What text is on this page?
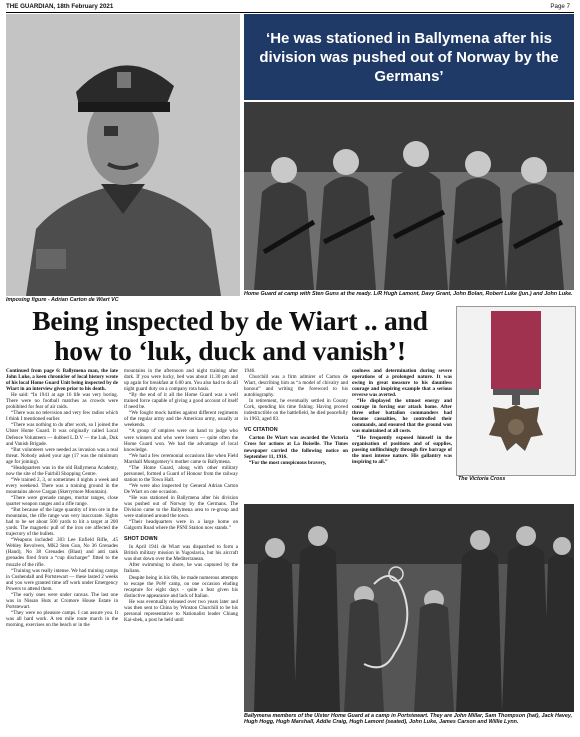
THE GUARDIAN, 18th February 2021	Page 7
Imposing figure - Adrian Carton de Wiart VC
‘He was stationed in Ballymena after his division was pushed out of Norway by the Germans’
Home Guard at camp with Sten Guns at the ready. L/R Hugh Lamont, Davy Grant, John Bolan, Robert Luke (jun.) and John Luke.
Being inspected by de Wiart .. and how to ‘luk, duck and vanish’!
The Victoria Cross
Ballymena members of the Ulster Home Guard at a camp in Portstewart. They are John Millar, Sam Thompson (hat), Jack Havey, Hugh Hogg, Hugh Marshall, Addie Craig, Hugh Lamont (seated), John Luke, James Carson and Willie Lynn.

Continued from page 6: Ballymena man, the late John Luke, a keen chronicler of local history wrote of his local Home Guard Unit being inspected by de Wiart in an interview given prior to his death.

He said: “In 1941 at age 16 life was very boring. There were no football matches as crowds were prohibited for fear of air raids.

“There was no television and very few radios which I think I mentioned earlier.

“There was nothing to do after work, so I joined the Ulster Home Guard. It was originally called Local Defence Volunteers — dubbed L.D.V — the Luk, Duk and Vanish Brigade.

“But volunteers were needed as invasion was a real threat. Nobody asked your age (17 was the minimum age for joining).

“Headquarters was in the old Ballymena Academy, now the site of the Fairhill Shopping Centre.

“We trained 2, 3, or sometimes 4 nights a week and every weekend. There was a training ground in the mountains above Cargan (Skerrymore Mountain).

“There were grenade ranges, mortar ranges, close quarter weapon ranges and a rifle range.

“But because of the large quantity of iron ore in the mountains, the rifle range was very inaccurate. Sights had to be set about 500 yards to hit a target at 200 yards. The magnetic pull of the iron ore affected the trajectory of the bullets.

“Weapons included .303 Lee Enfield Rifle, .45 Webley Revolvers, MK2 Sten Gun, No 36 Grenades (Hand), No 38 Grenades (Blast) and anti tank grenades fired from a “cup discharger” fitted to the muzzle of the rifle.

“Training was really intense. We had training camps in Cushendall and Portstewart — these lasted 2 weeks and you were granted time off work under Emergency Powers to attend them.

“The early ones were under canvas. The last one was in Nissan Huts at Cromore House Estate in Portstewart.

“They were no pleasure camps. I can assure you. It was all hard work. A ten mile route march in the morning, exercises on the beach or in the

mountains in the afternoon and night training after dark. If you were lucky, bed was about 11.30 pm and up again for breakfast at 6.00 am. You also had to do all night guard duty on a company rota basis.

“By the end of it all the Home Guard was a well trained force capable of giving a good account of itself if need be.

“We fought mock battles against different regiments of the regular army and the American army, usually at weekends.

“A group of umpires were on hand to judge who were winners and who were losers — quite often the Home Guard won. We had the advantage of local knowledge.

“We had a few ceremonial occasions like when Field Marshall Montgomery’s mother came to Ballymena.

“The Home Guard, along with other military personnel, formed a Guard of Honour from the railway station to the Town Hall.

“We were also inspected by General Adrian Carton De Wiart on one occasion.

“He was stationed in Ballymena after his division was pushed out of Norway by the Germans. The Division came to the Ballymena area to re-group and were stationed around the town.

“Their headquarters were in a large home on Galgorm Road where the PSNI Station now stands.”

SHOT DOWN

In April 1941 de Wiart was dispatched to form a British military mission in Yugoslavia, but his aircraft was shot down over the Mediterranean.

After swimming to shore, he was captured by the Italians.

Despite being in his 60s, he made numerous attempts to escape the PoW camp, on one occasion eluding recapture for eight days - quite a feat given his distinctive appearance and lack of Italian.

He was eventually released over two years later and was then sent to China by Winston Churchill to be his personal representative to Nationalist leader Chiang Kai-shek, a post he held until

1946.

Churchill was a firm admirer of Carton de Wiart, describing him as “a model of chivalry and honour” and writing the foreword to his autobiography.

In retirement, he eventually settled in County Cork, spending his time fishing. Having proved indestructible on the battlefield, he died peacefully in 1963, aged 83.

VC CITATION

Carton De Wiart was awarded the Victoria Cross for actions at La Boiselle. The Times newspaper carried the following notice on September 11, 1916.

“For the most conspicuous bravery,

coolness and determination during severe operations of a prolonged nature. It was owing in great measure to his dauntless courage and inspiring example that a serious reverse was averted.

“He displayed the utmost energy and courage in forcing our attack home. After three other battalion commanders had become casualties, he controlled their commands, and ensured that the ground won was maintained at all costs.

“He frequently exposed himself in the organisation of positions and of supplies, passing unflinchingly through fire barrage of the most intense nature. His gallantry was inspiring to all.”
